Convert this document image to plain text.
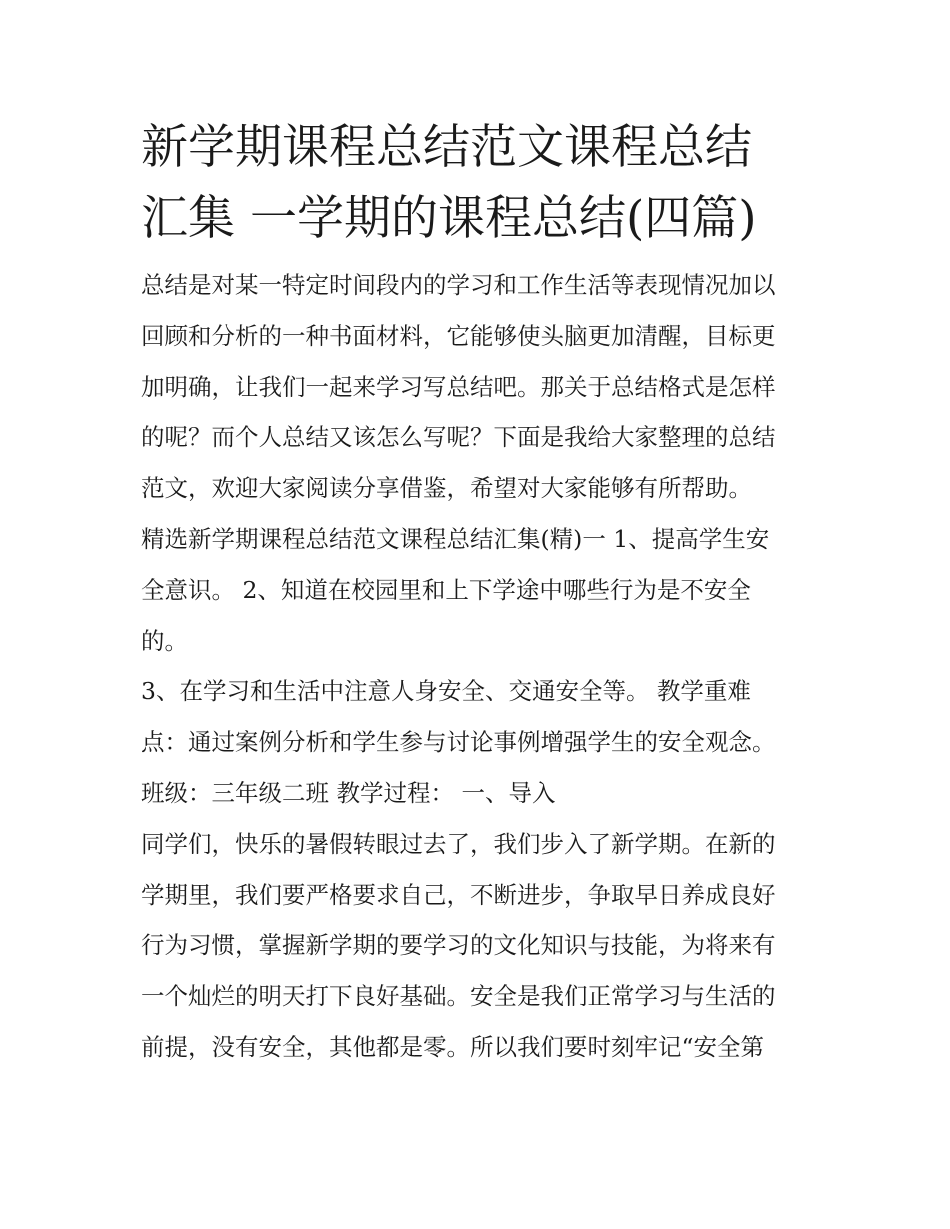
新学期课程总结范文课程总结
汇集 一学期的课程总结(四篇)

总结是对某一特定时间段内的学习和工作生活等表现情况加以
回顾和分析的一种书面材料，它能够使头脑更加清醒，目标更
加明确，让我们一起来学习写总结吧。那关于总结格式是怎样
的呢？而个人总结又该怎么写呢？下面是我给大家整理的总结
范文，欢迎大家阅读分享借鉴，希望对大家能够有所帮助。

精选新学期课程总结范文课程总结汇集(精)一 1、提高学生安
全意识。 2、知道在校园里和上下学途中哪些行为是不安全
的。

3、在学习和生活中注意人身安全、交通安全等。 教学重难
点：通过案例分析和学生参与讨论事例增强学生的安全观念。
班级：三年级二班 教学过程： 一、导入

同学们，快乐的暑假转眼过去了，我们步入了新学期。在新的
学期里，我们要严格要求自己，不断进步，争取早日养成良好
行为习惯，掌握新学期的要学习的文化知识与技能，为将来有
一个灿烂的明天打下良好基础。安全是我们正常学习与生活的
前提，没有安全，其他都是零。所以我们要时刻牢记“安全第
